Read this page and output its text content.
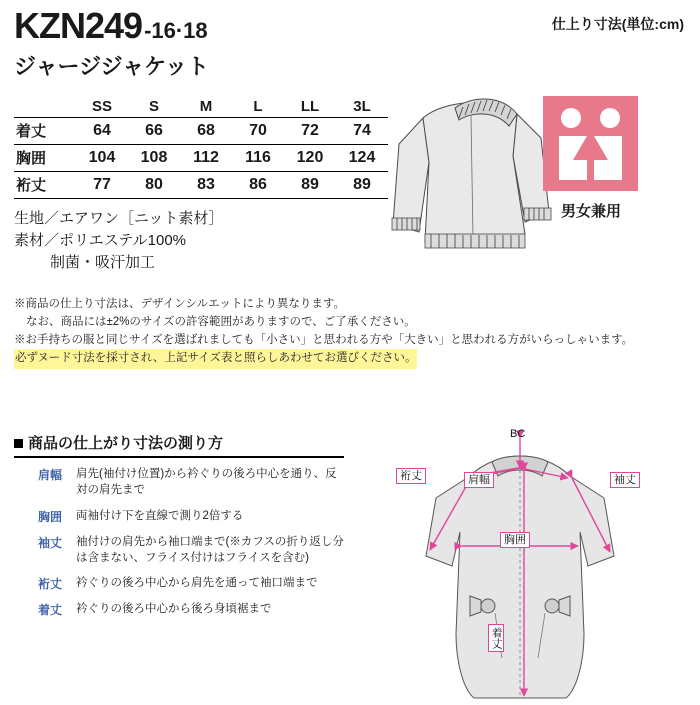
KZN249 -16·18
ジャージジャケット
仕上り寸法(単位:cm)
	SS	S	M	L	LL	3L
着丈	64	66	68	70	72	74
胸囲	104	108	112	116	120	124
裄丈	77	80	83	86	89	89
生地／エアワン［ニット素材］
素材／ポリエステル100%
制菌・吸汗加工
※商品の仕上り寸法は、デザインシルエットにより異なります。
なお、商品には±2%のサイズの許容範囲がありますので、ご了承ください。
※お手持ちの服と同じサイズを選ばれましても「小さい」と思われる方や「大きい」と思われる方がいらっしゃいます。
必ずヌード寸法を採寸され、上記サイズ表と照らしあわせてお選びください。
男女兼用
商品の仕上がり寸法の測り方
肩幅	肩先(袖付け位置)から衿ぐりの後ろ中心を通り、反対の肩先まで
胸囲	両袖付け下を直線で測り2倍する
袖丈	袖付けの肩先から袖口端まで(※カフスの折り返し分は含まない、フライス付けはフライスを含む)
裄丈	衿ぐりの後ろ中心から肩先を通って袖口端まで
着丈	衿ぐりの後ろ中心から後ろ身頃裾まで
BC
裄丈	肩幅	袖丈
胸囲
着丈
